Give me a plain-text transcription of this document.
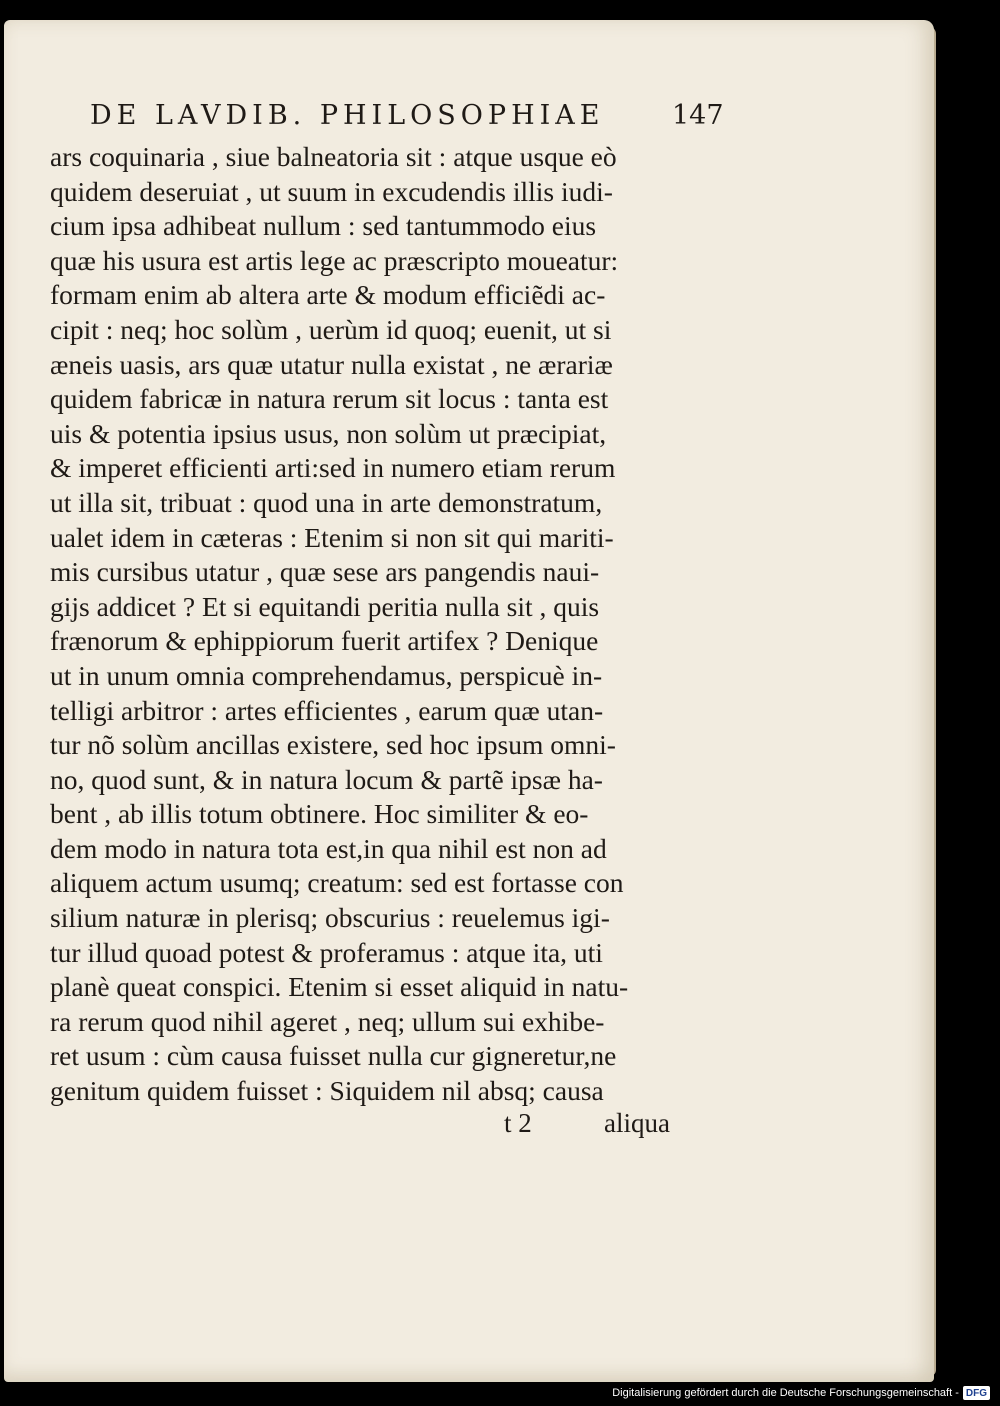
DE LAVDIB. PHILOSOPHIAE 147
ars coquinaria , siue balneatoria sit : atque usque eò
quidem deseruiat , ut suum in excudendis illis iudi-
cium ipsa adhibeat nullum : sed tantummodo eius
quæ his usura est artis lege ac præscripto moueatur:
formam enim ab altera arte & modum efficiẽdi ac-
cipit : neq; hoc solùm , uerùm id quoq; euenit, ut si
æneis uasis, ars quæ utatur nulla existat , ne ærariæ
quidem fabricæ in natura rerum sit locus : tanta est
uis & potentia ipsius usus, non solùm ut præcipiat,
& imperet efficienti arti:sed in numero etiam rerum
ut illa sit, tribuat : quod una in arte demonstratum,
ualet idem in cæteras : Etenim si non sit qui mariti-
mis cursibus utatur , quæ sese ars pangendis naui-
gijs addicet ? Et si equitandi peritia nulla sit , quis
frænorum & ephippiorum fuerit artifex ? Denique
ut in unum omnia comprehendamus, perspicuè in-
telligi arbitror : artes efficientes , earum quæ utan-
tur nõ solùm ancillas existere, sed hoc ipsum omni-
no, quod sunt, & in natura locum & partẽ ipsæ ha-
bent , ab illis totum obtinere. Hoc similiter & eo-
dem modo in natura tota est,in qua nihil est non ad
aliquem actum usumq; creatum: sed est fortasse con
silium naturæ in plerisq; obscurius : reuelemus igi-
tur illud quoad potest & proferamus : atque ita, uti
planè queat conspici. Etenim si esset aliquid in natu-
ra rerum quod nihil ageret , neq; ullum sui exhibe-
ret usum : cùm causa fuisset nulla cur gigneretur,ne
genitum quidem fuisset : Siquidem nil absq; causa
t 2	aliqua
Digitalisierung gefördert durch die Deutsche Forschungsgemeinschaft - DFG
